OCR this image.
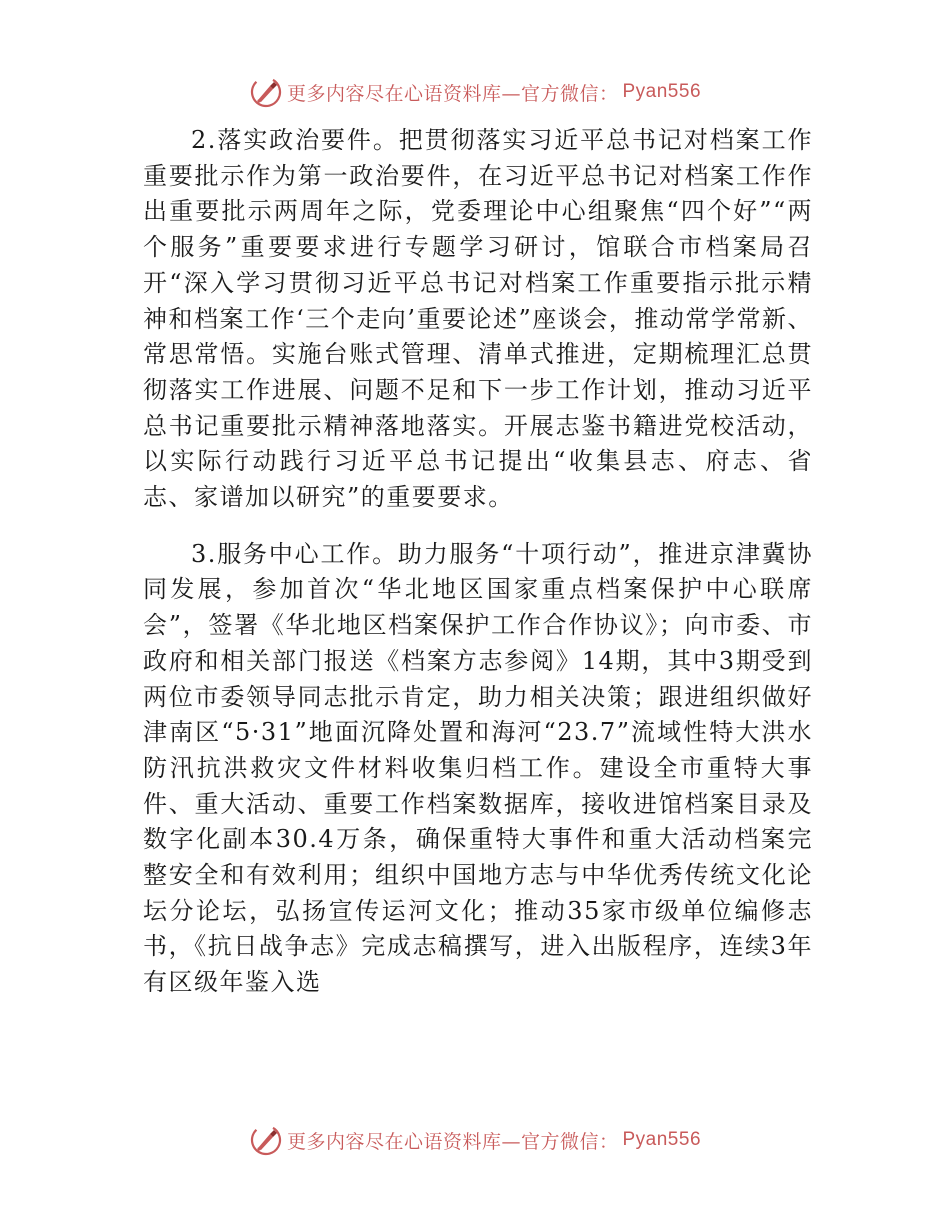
更多内容尽在心语资料库—官方微信： Pyan556

2.落实政治要件。把贯彻落实习近平总书记对档案工作重要批示作为第一政治要件，在习近平总书记对档案工作作出重要批示两周年之际，党委理论中心组聚焦“四个好”“两个服务”重要要求进行专题学习研讨，馆联合市档案局召开“深入学习贯彻习近平总书记对档案工作重要指示批示精神和档案工作‘三个走向’重要论述”座谈会，推动常学常新、常思常悟。实施台账式管理、清单式推进，定期梳理汇总贯彻落实工作进展、问题不足和下一步工作计划，推动习近平总书记重要批示精神落地落实。开展志鉴书籍进党校活动，以实际行动践行习近平总书记提出“收集县志、府志、省志、家谱加以研究”的重要要求。

3.服务中心工作。助力服务“十项行动”，推进京津冀协同发展，参加首次“华北地区国家重点档案保护中心联席会”，签署《华北地区档案保护工作合作协议》；向市委、市政府和相关部门报送《档案方志参阅》14期，其中3期受到两位市委领导同志批示肯定，助力相关决策；跟进组织做好津南区“5·31”地面沉降处置和海河“23.7”流域性特大洪水防汛抗洪救灾文件材料收集归档工作。建设全市重特大事件、重大活动、重要工作档案数据库，接收进馆档案目录及数字化副本30.4万条，确保重特大事件和重大活动档案完整安全和有效利用；组织中国地方志与中华优秀传统文化论坛分论坛，弘扬宣传运河文化；推动35家市级单位编修志书，《抗日战争志》完成志稿撰写，进入出版程序，连续3年有区级年鉴入选

更多内容尽在心语资料库—官方微信： Pyan556
